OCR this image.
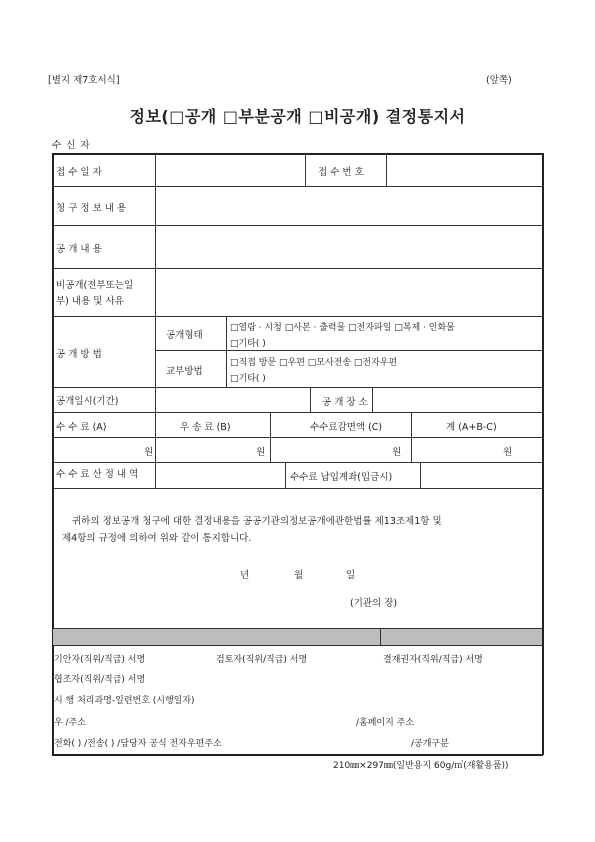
[별지 제7호서식]	(앞쪽)
정보(□공개 □부분공개 □비공개) 결정통지서
수 신 자
접 수 일 자	접 수 번 호
청 구 정 보 내 용
공 개 내 용
비공개(전부또는일
부) 내용 및 사유
공 개 방 법
공개형태
□열람 · 시청 □사본 · 출력물 □전자파일 □복제 · 인화물
□기타( )
교부방법
□직접 방문 □우편 □모사전송 □전자우편
□기타( )
공개일시(기간)	공 개 장 소
수 수 료 (A)	우 송 료 (B)	수수료감면액 (C)	계 (A+B-C)
원	원	원	원
수 수 료 산 정 내 역	수수료 납입계좌(입금시)
귀하의 정보공개 청구에 대한 결정내용을 공공기관의정보공개에관한법률 제13조제1항 및
제4항의 규정에 의하여 위와 같이 통지합니다.
년	월	일
(기관의 장)
기안자(직위/직급) 서명	검토자(직위/직급) 서명	결재권자(직위/직급) 서명
협조자(직위/직급) 서명
시 행 처리과명-일련번호 (시행일자)
우 /주소	/홈페이지 주소
전화( ) /전송( ) /담당자 공식 전자우편주소	/공개구분
210㎜×297㎜(일반용지 60g/㎡(재활용품))
